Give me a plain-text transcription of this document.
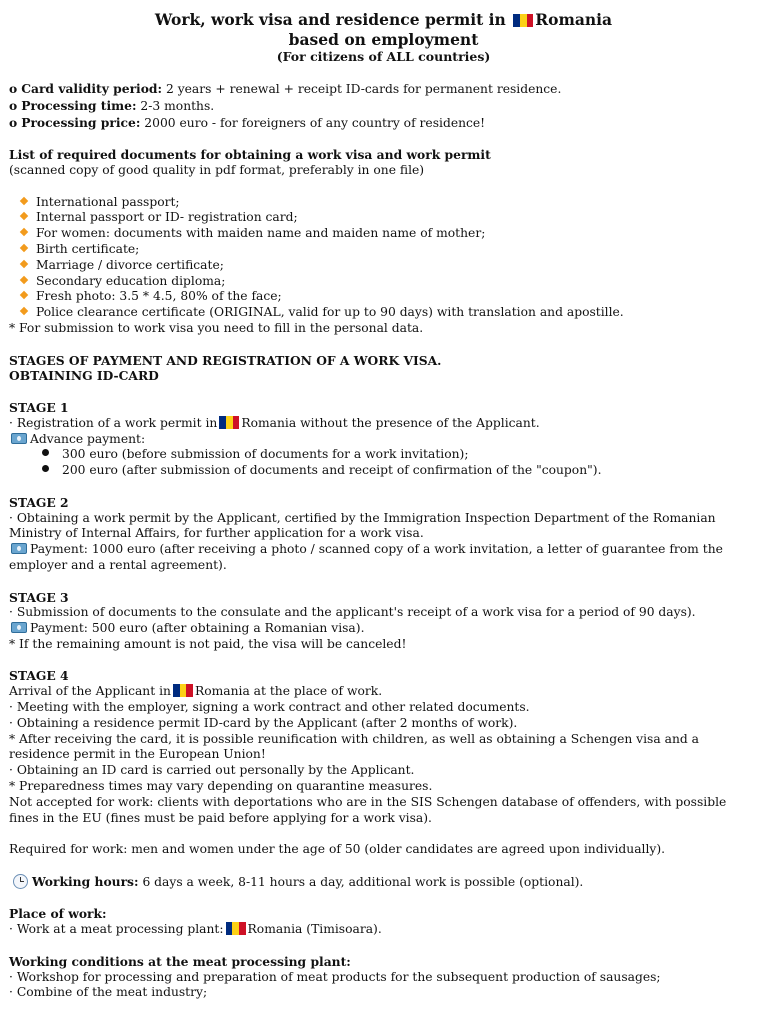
Work, work visa and residence permit in Romania
based on employment
(For citizens of ALL countries)
o Card validity period: 2 years + renewal + receipt ID-cards for permanent residence.
o Processing time: 2-3 months.
o Processing price: 2000 euro - for foreigners of any country of residence!
List of required documents for obtaining a work visa and work permit
(scanned copy of good quality in pdf format, preferably in one file)
International passport;
Internal passport or ID- registration card;
For women: documents with maiden name and maiden name of mother;
Birth certificate;
Marriage / divorce certificate;
Secondary education diploma;
Fresh photo: 3.5 * 4.5, 80% of the face;
Police clearance certificate (ORIGINAL, valid for up to 90 days) with translation and apostille.
* For submission to work visa you need to fill in the personal data.
STAGES OF PAYMENT AND REGISTRATION OF A WORK VISA.
OBTAINING ID-CARD
STAGE 1
· Registration of a work permit in Romania without the presence of the Applicant.
Advance payment:
300 euro (before submission of documents for a work invitation);
200 euro (after submission of documents and receipt of confirmation of the "coupon").
STAGE 2
· Obtaining a work permit by the Applicant, certified by the Immigration Inspection Department of the Romanian Ministry of Internal Affairs, for further application for a work visa.
Payment: 1000 euro (after receiving a photo / scanned copy of a work invitation, a letter of guarantee from the employer and a rental agreement).
STAGE 3
· Submission of documents to the consulate and the applicant's receipt of a work visa for a period of 90 days).
Payment: 500 euro (after obtaining a Romanian visa).
* If the remaining amount is not paid, the visa will be canceled!
STAGE 4
Arrival of the Applicant in Romania at the place of work.
· Meeting with the employer, signing a work contract and other related documents.
· Obtaining a residence permit ID-card by the Applicant (after 2 months of work).
* After receiving the card, it is possible reunification with children, as well as obtaining a Schengen visa and a residence permit in the European Union!
· Obtaining an ID card is carried out personally by the Applicant.
* Preparedness times may vary depending on quarantine measures.
Not accepted for work: clients with deportations who are in the SIS Schengen database of offenders, with possible fines in the EU (fines must be paid before applying for a work visa).
Required for work: men and women under the age of 50 (older candidates are agreed upon individually).
Working hours: 6 days a week, 8-11 hours a day, additional work is possible (optional).
Place of work:
· Work at a meat processing plant: Romania (Timisoara).
Working conditions at the meat processing plant:
· Workshop for processing and preparation of meat products for the subsequent production of sausages;
· Combine of the meat industry;
